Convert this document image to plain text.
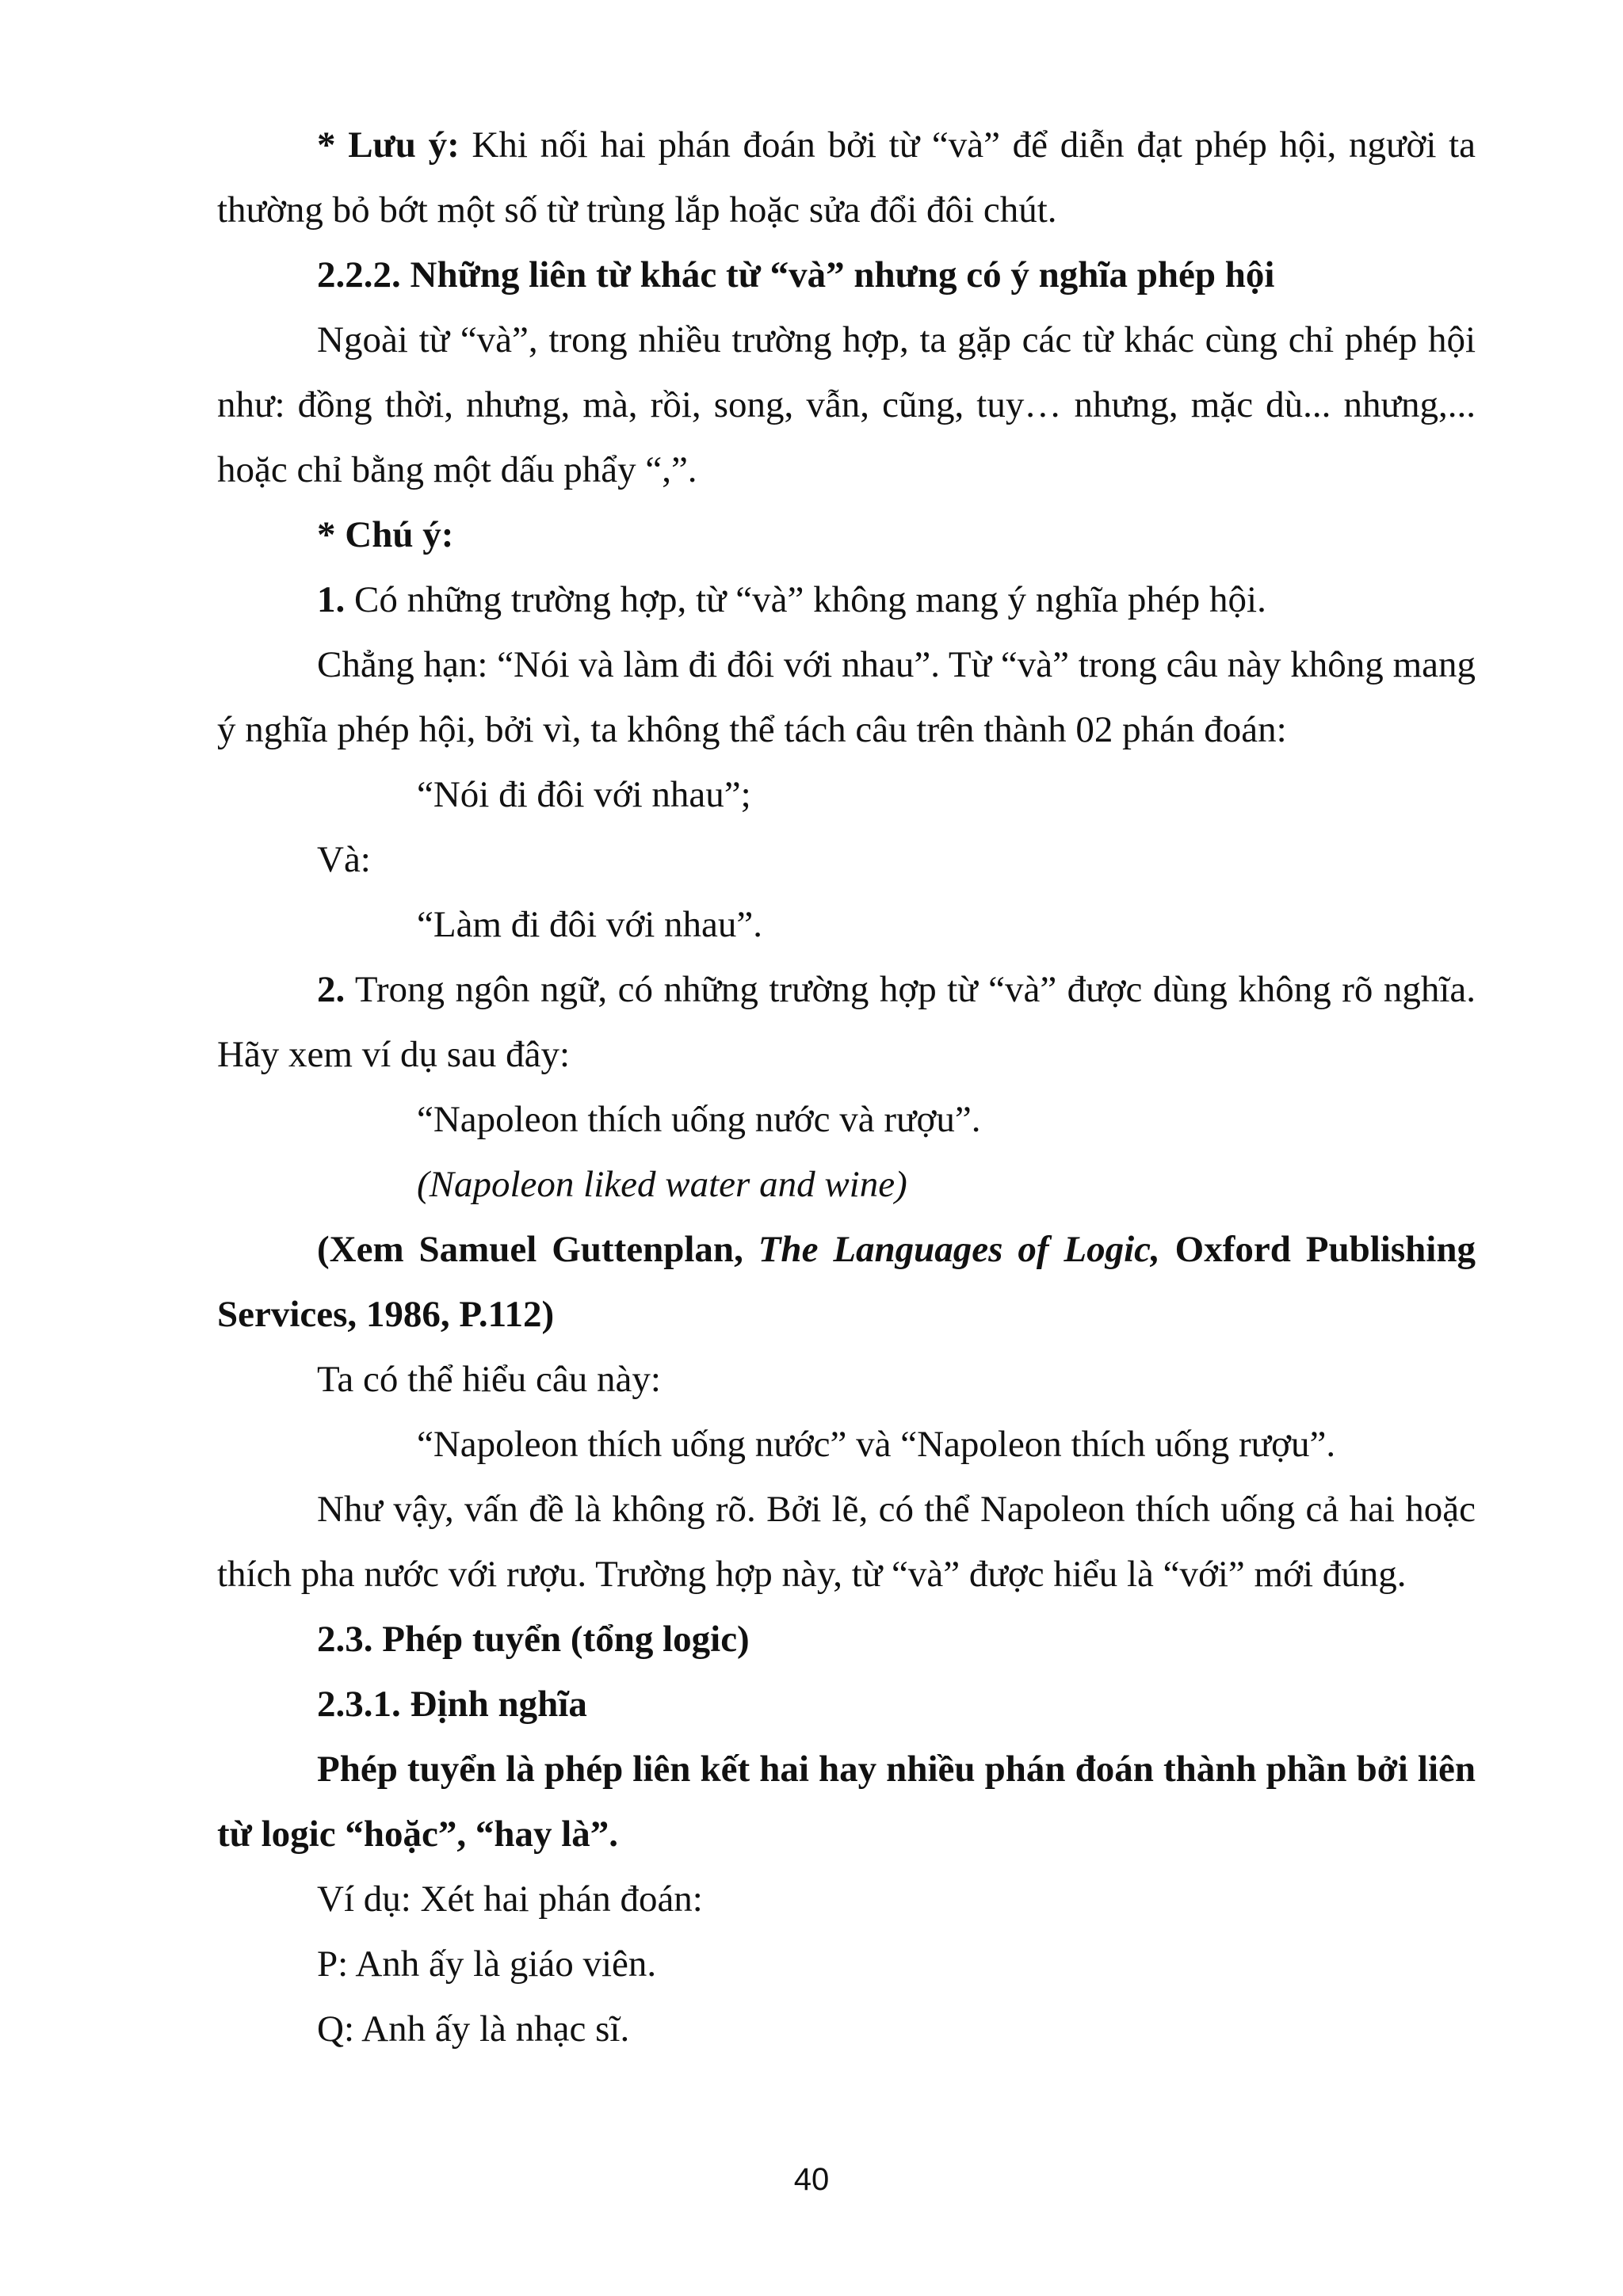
* Lưu ý: Khi nối hai phán đoán bởi từ “và” để diễn đạt phép hội, người ta thường bỏ bớt một số từ trùng lắp hoặc sửa đổi đôi chút.

2.2.2. Những liên từ khác từ “và” nhưng có ý nghĩa phép hội

Ngoài từ “và”, trong nhiều trường hợp, ta gặp các từ khác cùng chỉ phép hội như: đồng thời, nhưng, mà, rồi, song, vẫn, cũng, tuy… nhưng, mặc dù... nhưng,... hoặc chỉ bằng một dấu phẩy “,”.

* Chú ý:

1. Có những trường hợp, từ “và” không mang ý nghĩa phép hội.

Chẳng hạn: “Nói và làm đi đôi với nhau”. Từ “và” trong câu này không mang ý nghĩa phép hội, bởi vì, ta không thể tách câu trên thành 02 phán đoán:

“Nói đi đôi với nhau”;

Và:

“Làm đi đôi với nhau”.

2. Trong ngôn ngữ, có những trường hợp từ “và” được dùng không rõ nghĩa. Hãy xem ví dụ sau đây:

“Napoleon thích uống nước và rượu”.

(Napoleon liked water and wine)

(Xem Samuel Guttenplan, The Languages of Logic, Oxford Publishing Services, 1986, P.112)

Ta có thể hiểu câu này:

“Napoleon thích uống nước” và “Napoleon thích uống rượu”.

Như vậy, vấn đề là không rõ. Bởi lẽ, có thể Napoleon thích uống cả hai hoặc thích pha nước với rượu. Trường hợp này, từ “và” được hiểu là “với” mới đúng.

2.3. Phép tuyển (tổng logic)

2.3.1. Định nghĩa

Phép tuyển là phép liên kết hai hay nhiều phán đoán thành phần bởi liên từ logic “hoặc”, “hay là”.

Ví dụ: Xét hai phán đoán:

P: Anh ấy là giáo viên.

Q: Anh ấy là nhạc sĩ.

40
